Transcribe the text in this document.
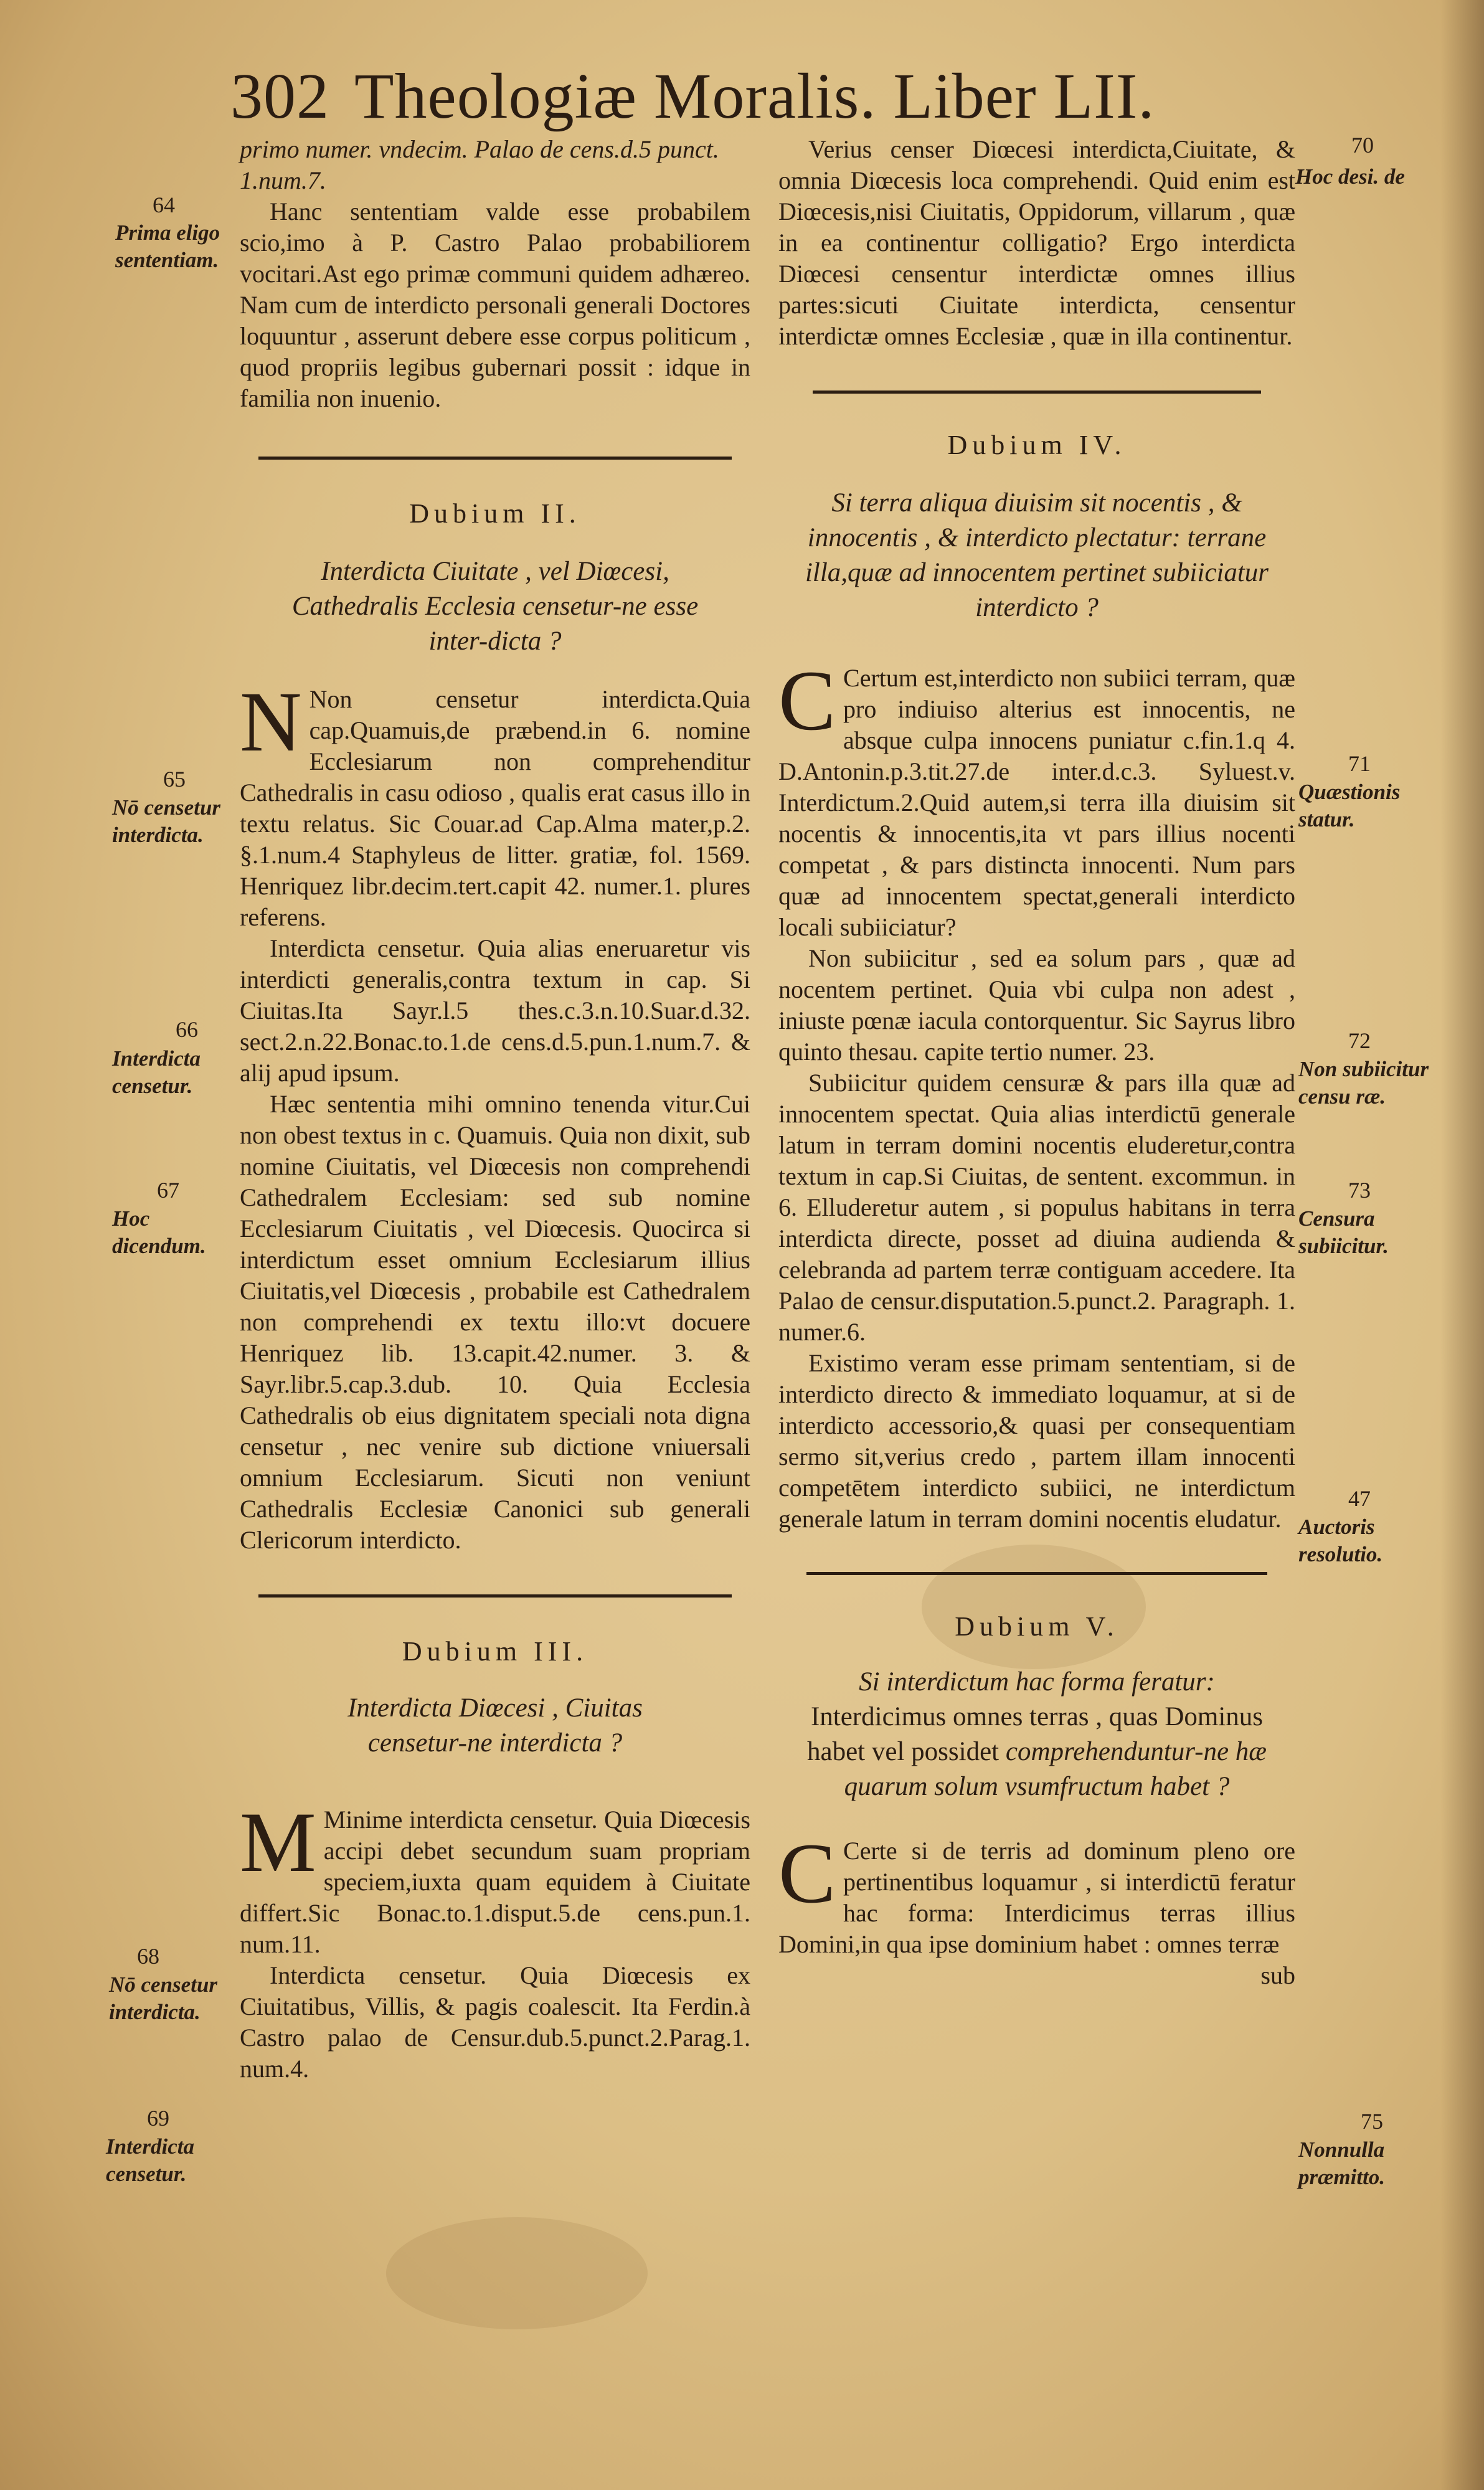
302 Theologiæ Moralis. Liber LII.

primo numer. vndecim. Palao de cens.d.5 punct.

1.num.7.

Hanc sententiam valde esse probabilem scio,imo à P. Castro Palao probabiliorem vocitari.Ast ego primæ communi quidem adhæreo. Nam cum de interdicto personali generali Doctores loquuntur , asserunt debere esse corpus politicum , quod propriis legibus gubernari possit : idque in familia non inuenio.

Dubium II.

Interdicta Ciuitate , vel Diœcesi, Cathedralis Ecclesia censetur-ne esse inter-dicta ?

N Non censetur interdicta.Quia cap.Quamuis,de præbend.in 6. nomine Ecclesiarum non comprehenditur Cathedralis in casu odioso , qualis erat casus illo in textu relatus. Sic Couar.ad Cap.Alma mater,p.2. §.1.num.4 Staphyleus de litter. gratiæ, fol. 1569. Henriquez libr.decim.tert.capit 42. numer.1. plures referens.

Interdicta censetur. Quia alias eneruaretur vis interdicti generalis,contra textum in cap. Si Ciuitas.Ita Sayr.l.5 thes.c.3.n.10.Suar.d.32. sect.2.n.22.Bonac.to.1.de cens.d.5.pun.1.num.7. & alij apud ipsum.

Hæc sententia mihi omnino tenenda vitur.Cui non obest textus in c. Quamuis. Quia non dixit, sub nomine Ciuitatis, vel Diœcesis non comprehendi Cathedralem Ecclesiam: sed sub nomine Ecclesiarum Ciuitatis , vel Diœcesis. Quocirca si interdictum esset omnium Ecclesiarum illius Ciuitatis,vel Diœcesis , probabile est Cathedralem non comprehendi ex textu illo:vt docuere Henriquez lib. 13.capit.42.numer. 3. & Sayr.libr.5.cap.3.dub. 10. Quia Ecclesia Cathedralis ob eius dignitatem speciali nota digna censetur , nec venire sub dictione vniuersali omnium Ecclesiarum. Sicuti non veniunt Cathedralis Ecclesiæ Canonici sub generali Clericorum interdicto.

Dubium III.

Interdicta Diœcesi , Ciuitas censetur-ne interdicta ?

M Minime interdicta censetur. Quia Diœcesis accipi debet secundum suam propriam speciem,iuxta quam equidem à Ciuitate differt.Sic Bonac.to.1.disput.5.de cens.pun.1. num.11.

Interdicta censetur. Quia Diœcesis ex Ciuitatibus, Villis, & pagis coalescit. Ita Ferdin.à Castro palao de Censur.dub.5.punct.2.Parag.1. num.4.

Verius censer Diœcesi interdicta,Ciuitate, & omnia Diœcesis loca comprehendi. Quid enim est Diœcesis,nisi Ciuitatis, Oppidorum, villarum , quæ in ea continentur colligatio? Ergo interdicta Diœcesi censentur interdictæ omnes illius partes:sicuti Ciuitate interdicta, censentur interdictæ omnes Ecclesiæ , quæ in illa continentur.

Dubium IV.

Si terra aliqua diuisim sit nocentis , & innocentis , & interdicto plectatur: terrane illa,quæ ad innocentem pertinet subiiciatur interdicto ?

C Certum est,interdicto non subiici terram, quæ pro indiuiso alterius est innocentis, ne absque culpa innocens puniatur c.fin.1.q 4. D.Antonin.p.3.tit.27.de inter.d.c.3. Syluest.v. Interdictum.2.Quid autem,si terra illa diuisim sit nocentis & innocentis,ita vt pars illius nocenti competat , & pars distincta innocenti. Num pars quæ ad innocentem spectat,generali interdicto locali subiiciatur?

Non subiicitur , sed ea solum pars , quæ ad nocentem pertinet. Quia vbi culpa non adest , iniuste pœnæ iacula contorquentur. Sic Sayrus libro quinto thesau. capite tertio numer. 23.

Subiicitur quidem censuræ & pars illa quæ ad innocentem spectat. Quia alias interdictū generale latum in terram domini nocentis eluderetur,contra textum in cap.Si Ciuitas, de sentent. excommun. in 6. Elluderetur autem , si populus habitans in terra interdicta directe, posset ad diuina audienda & celebranda ad partem terræ contiguam accedere. Ita Palao de censur.disputation.5.punct.2. Paragraph. 1. numer.6.

Existimo veram esse primam sententiam, si de interdicto directo & immediato loquamur, at si de interdicto accessorio,& quasi per consequentiam sermo sit,verius credo , partem illam innocenti competētem interdicto subiici, ne interdictum generale latum in terram domini nocentis eludatur.

Dubium V.

Si interdictum hac forma feratur: Interdicimus omnes terras , quas Dominus habet vel possidet comprehenduntur-ne hæ quarum solum vsumfructum habet ?

C Certe si de terris ad dominum pleno ore pertinentibus loquamur , si interdictū feratur hac forma: Interdicimus terras illius Domini,in qua ipse dominium habet : omnes terræ

sub

64
65
66
67
68
69
70
71
72
73
47
75
Prima eligo sententiam.
Nō censetur interdicta.
Interdicta censetur.
Hoc dicendum.
Nō censetur interdicta.
Interdicta censetur.
Hoc desi. de
Quæstionis statur.
Non subiicitur censu ræ.
Censura subiicitur.
Auctoris resolutio.
Nonnulla præmitto.
